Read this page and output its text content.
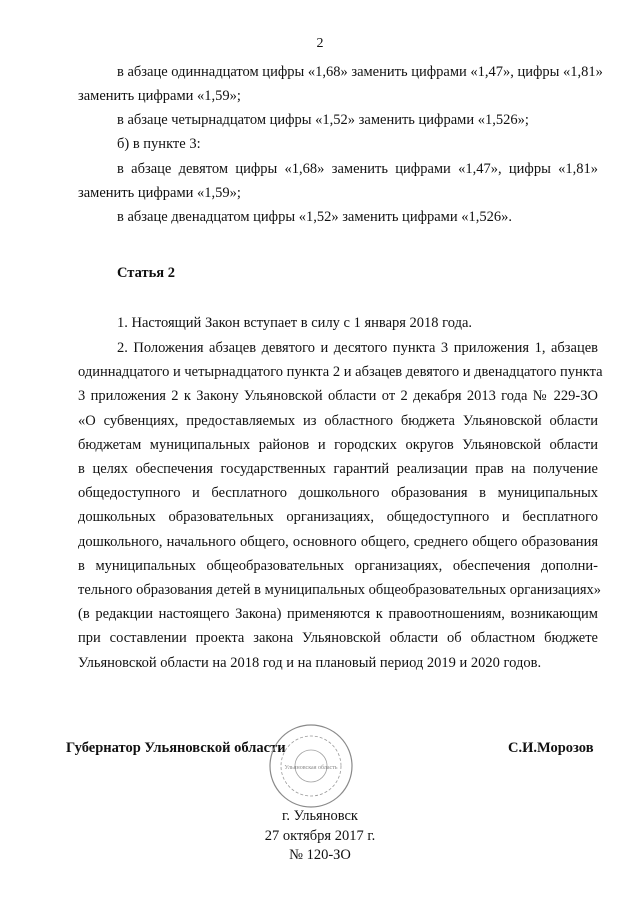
2
в абзаце одиннадцатом цифры «1,68» заменить цифрами «1,47», цифры «1,81»
заменить цифрами «1,59»;
в абзаце четырнадцатом цифры «1,52» заменить цифрами «1,526»;
б) в пункте 3:
в абзаце девятом цифры «1,68» заменить цифрами «1,47», цифры «1,81»
заменить цифрами «1,59»;
в абзаце двенадцатом цифры «1,52» заменить цифрами «1,526».
Статья 2
1. Настоящий Закон вступает в силу с 1 января 2018 года.
2. Положения абзацев девятого и десятого пункта 3 приложения 1, абзацев
одиннадцатого и четырнадцатого пункта 2 и абзацев девятого и двенадцатого пункта
3 приложения 2 к Закону Ульяновской области от 2 декабря 2013 года № 229-ЗО
«О субвенциях, предоставляемых из областного бюджета Ульяновской области
бюджетам муниципальных районов и городских округов Ульяновской области
в целях обеспечения государственных гарантий реализации прав на получение
общедоступного и бесплатного дошкольного образования в муниципальных
дошкольных образовательных организациях, общедоступного и бесплатного
дошкольного, начального общего, основного общего, среднего общего образования
в муниципальных общеобразовательных организациях, обеспечения дополни-
тельного образования детей в муниципальных общеобразовательных организациях»
(в редакции настоящего Закона) применяются к правоотношениям, возникающим
при составлении проекта закона Ульяновской области об областном бюджете
Ульяновской области на 2018 год и на плановый период 2019 и 2020 годов.
Губернатор Ульяновской области	С.И.Морозов
Ульяновская область
г. Ульяновск
27 октября 2017 г.
№ 120-ЗО
